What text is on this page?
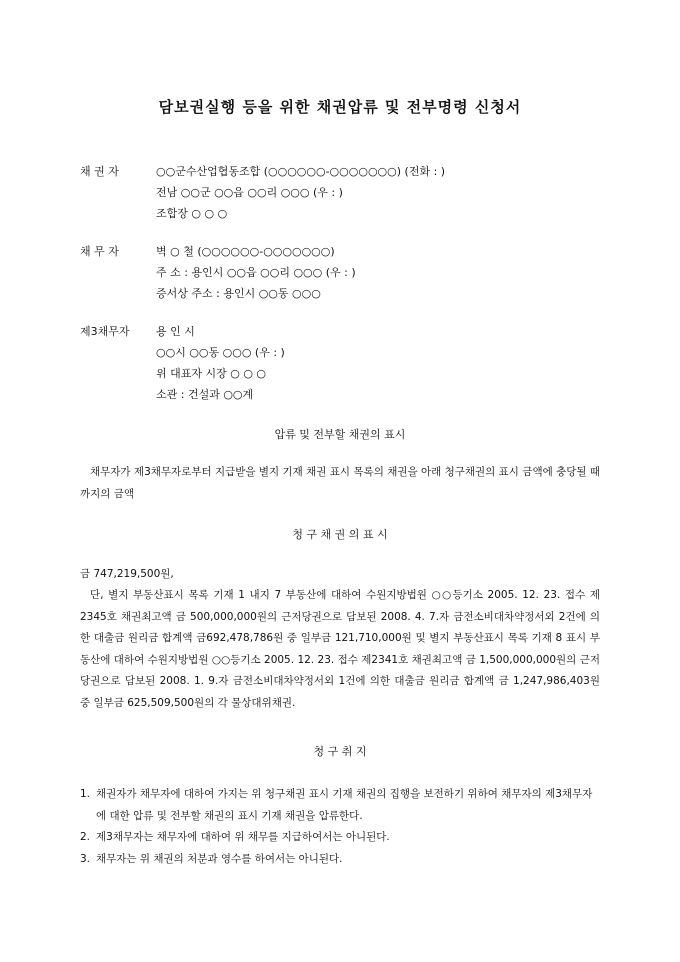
담보권실행 등을 위한 채권압류 및 전부명령 신청서
채 권 자	○○군수산업협동조합 (○○○○○○-○○○○○○○) (전화 : )
전남 ○○군 ○○읍 ○○리 ○○○ (우 : )
조합장 ○ ○ ○
채 무 자	벽 ○ 철 (○○○○○○-○○○○○○○)
주 소 : 용인시 ○○읍 ○○리 ○○○ (우 : )
증서상 주소 : 용인시 ○○동 ○○○
제3채무자	용 인 시
○○시 ○○동 ○○○ (우 : )
위 대표자 시장 ○ ○ ○
소관 : 건설과 ○○계
압류 및 전부할 채권의 표시
채무자가 제3채무자로부터 지급받을 별지 기재 채권 표시 목록의 채권을 아래 청구채권의 표시 금액에 충당될 때까지의 금액
청 구 채 권 의 표 시
금 747,219,500원,
단, 별지 부동산표시 목록 기재 1 내지 7 부동산에 대하여 수원지방법원 ○○등기소 2005. 12. 23. 접수 제2345호 채권최고액 금 500,000,000원의 근저당권으로 담보된 2008. 4. 7.자 금전소비대차약정서외 2건에 의한 대출금 원리금 합계액 금692,478,786원 중 일부금 121,710,000원 및 별지 부동산표시 목록 기재 8 표시 부동산에 대하여 수원지방법원 ○○등기소 2005. 12. 23. 접수 제2341호 채권최고액 금 1,500,000,000원의 근저당권으로 담보된 2008. 1. 9.자 금전소비대차약정서외 1건에 의한 대출금 원리금 합계액 금 1,247,986,403원 중 일부금 625,509,500원의 각 물상대위채권.
청 구 취 지
1. 채권자가 채무자에 대하여 가지는 위 청구채권 표시 기재 채권의 집행을 보전하기 위하여 채무자의 제3채무자에 대한 압류 및 전부할 채권의 표시 기재 채권을 압류한다.
2. 제3채무자는 채무자에 대하여 위 채무를 지급하여서는 아니된다.
3. 채무자는 위 채권의 처분과 영수를 하여서는 아니된다.
